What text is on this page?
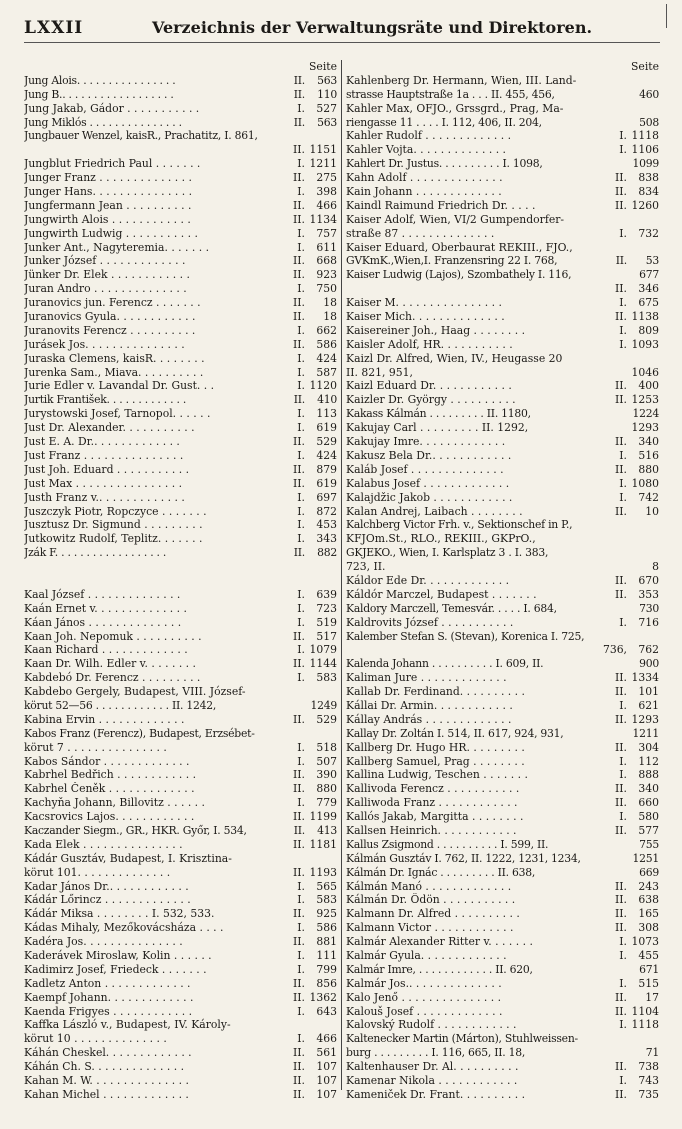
LXXII	Verzeichnis der Verwaltungsräte und Direktoren.
Seite
Jung Alois. . . . . . . . . . . . . . . .	II.	563
Jung B.. . . . . . . . . . . . . . . . . .	II.	110
Jung Jakab, Gádor . . . . . . . . . . .	I.	527
Jung Miklós . . . . . . . . . . . . . . .	II.	563
Jungbauer Wenzel, kaisR., Prachatitz, I. 861,
II. 1151
Jungblut Friedrich Paul . . . . . . .	I. 1211
Junger Franz . . . . . . . . . . . . . .	II.	275
Junger Hans. . . . . . . . . . . . . . .	I.	398
Jungfermann Jean . . . . . . . . . .	II.	466
Jungwirth Alois . . . . . . . . . . . .	II. 1134
Jungwirth Ludwig . . . . . . . . . . .	I.	757
Junker Ant., Nagyteremia. . . . . . .	I.	611
Junker József . . . . . . . . . . . . .	II.	668
Jünker Dr. Elek . . . . . . . . . . . .	II.	923
Juran Andro . . . . . . . . . . . . . .	I.	750
Juranovics jun. Ferencz . . . . . . .	II.	18
Juranovics Gyula. . . . . . . . . . . .	II.	18
Juranovits Ferencz . . . . . . . . . .	I.	662
Jurásek Jos. . . . . . . . . . . . . . .	II.	586
Juraska Clemens, kaisR. . . . . . . .	I.	424
Jurenka Sam., Miava. . . . . . . . . .	I.	587
Jurie Edler v. Lavandal Dr. Gust. . .	I. 1120
Jurtik František. . . . . . . . . . . . .	II.	410
Jurystowski Josef, Tarnopol. . . . . .	I.	113
Just Dr. Alexander. . . . . . . . . . .	I.	619
Just E. A. Dr.. . . . . . . . . . . . .	II.	529
Just Franz . . . . . . . . . . . . . . .	I.	424
Just Joh. Eduard . . . . . . . . . . .	II.	879
Just Max . . . . . . . . . . . . . . . .	II.	619
Justh Franz v.. . . . . . . . . . . . .	I.	697
Juszczyk Piotr, Ropczyce . . . . . . .	I.	872
Jusztusz Dr. Sigmund . . . . . . . . .	I.	453
Jutkowitz Rudolf, Teplitz. . . . . . .	I.	343
Jzák F. . . . . . . . . . . . . . . . . .	II.	882
Kaal József . . . . . . . . . . . . . .	I.	639
Kaán Ernet v. . . . . . . . . . . . . .	I.	723
Káan János . . . . . . . . . . . . . .	I.	519
Kaan Joh. Nepomuk . . . . . . . . . .	II.	517
Kaan Richard . . . . . . . . . . . . .	I. 1079
Kaan Dr. Wilh. Edler v. . . . . . . .	II. 1144
Kabdebó Dr. Ferencz . . . . . . . . .	I.	583
Kabdebo Gergely, Budapest, VIII. József-
körut 52—56 . . . . . . . . . . . . II. 1242,	1249
Kabina Ervin . . . . . . . . . . . . .	II.	529
Kabos Franz (Ferencz), Budapest, Erzsébet-
körut 7 . . . . . . . . . . . . . . .	I.	518
Kabos Sándor . . . . . . . . . . . . .	I.	507
Kabrhel Bedřich . . . . . . . . . . . .	II.	390
Kabrhel Čeněk . . . . . . . . . . . . .	II.	880
Kachyňa Johann, Billovitz . . . . . .	I.	779
Kacsrovics Lajos. . . . . . . . . . . .	II. 1199
Kaczander Siegm., GR., HKR. Győr, I. 534,	II.	413
Kada Elek . . . . . . . . . . . . . . .	II. 1181
Kádár Gusztáv, Budapest, I. Krisztina-
körut 101. . . . . . . . . . . . . .	II. 1193
Kadar János Dr.. . . . . . . . . . . .	I.	565
Kádár Lőrincz . . . . . . . . . . . . .	I.	583
Kádár Miksa . . . . . . . . I. 532, 533.	II.	925
Kádas Mihaly, Mezőkovácsháza . . . .	I.	586
Kadéra Jos. . . . . . . . . . . . . . .	II.	881
Kaderávek Miroslaw, Kolin . . . . . .	I.	111
Kadimirz Josef, Friedeck . . . . . . .	I.	799
Kadletz Anton . . . . . . . . . . . . .	II.	856
Kaempf Johann. . . . . . . . . . . . .	II. 1362
Kaenda Frigyes . . . . . . . . . . . .	I.	643
Kaffka László v., Budapest, IV. Károly-
körut 10 . . . . . . . . . . . . . .	I.	466
Káhán Cheskel. . . . . . . . . . . . .	II.	561
Káhán Ch. S. . . . . . . . . . . . . .	II.	107
Kahan M. W. . . . . . . . . . . . . . .	II.	107
Kahan Michel . . . . . . . . . . . . .	II.	107
Seite
Kahlenberg Dr. Hermann, Wien, III. Land-
strasse Hauptstraße 1a . . . II. 455, 456,	460
Kahler Max, OFJO., Grssgrd., Prag, Ma-
riengasse 11 . . . . I. 112, 406, II. 204,	508
Kahler Rudolf . . . . . . . . . . . . .	I. 1118
Kahler Vojta. . . . . . . . . . . . . .	I. 1106
Kahlert Dr. Justus. . . . . . . . . . I. 1098,	1099
Kahn Adolf . . . . . . . . . . . . . .	II.	838
Kain Johann . . . . . . . . . . . . .	II.	834
Kaindl Raimund Friedrich Dr. . . . .	II. 1260
Kaiser Adolf, Wien, VI/2 Gumpendorfer-
straße 87 . . . . . . . . . . . . . .	I.	732
Kaiser Eduard, Oberbaurat REKIII., FJO.,
GVKmK.,Wien,I. Franzensring 22 I. 768,	II.	53
Kaiser Ludwig (Lajos), Szombathely I. 116,	677
II.	346
Kaiser M. . . . . . . . . . . . . . . .	I.	675
Kaiser Mich. . . . . . . . . . . . . .	II. 1138
Kaisereiner Joh., Haag . . . . . . . .	I.	809
Kaisler Adolf, HR. . . . . . . . . . .	I. 1093
Kaizl Dr. Alfred, Wien, IV., Heugasse 20
II. 821, 951,	1046
Kaizl Eduard Dr. . . . . . . . . . . .	II.	400
Kaizler Dr. György . . . . . . . . . .	II. 1253
Kakass Kálmán . . . . . . . . . II. 1180,	1224
Kakujay Carl . . . . . . . . . II. 1292,	1293
Kakujay Imre. . . . . . . . . . . . .	II.	340
Kakusz Bela Dr.. . . . . . . . . . . .	I.	516
Kaláb Josef . . . . . . . . . . . . . .	II.	880
Kalabus Josef . . . . . . . . . . . . .	I. 1080
Kalajdžic Jakob . . . . . . . . . . . .	I.	742
Kalan Andrej, Laibach . . . . . . . .	II.	10
Kalchberg Victor Frh. v., Sektionschef in P.,
KFJOm.St., RLO., REKIII., GKPrO.,
GKJEKO., Wien, I. Karlsplatz 3 . I. 383,
723, II.	8
Káldor Ede Dr. . . . . . . . . . . . .	II.	670
Káldór Marczel, Budapest . . . . . . .	II.	353
Kaldory Marczell, Temesvár. . . . . I. 684,	730
Kaldrovits József . . . . . . . . . . .	I.	716
Kalember Stefan S. (Stevan), Korenica I. 725,
736,	762
Kalenda Johann . . . . . . . . . . I. 609, II.	900
Kaliman Jure . . . . . . . . . . . . .	II. 1334
Kallab Dr. Ferdinand. . . . . . . . . .	II.	101
Kállai Dr. Armin. . . . . . . . . . . .	I.	621
Kállay András . . . . . . . . . . . . .	II. 1293
Kallay Dr. Zoltán I. 514, II. 617, 924, 931,	1211
Kallberg Dr. Hugo HR. . . . . . . . .	II.	304
Kallberg Samuel, Prag . . . . . . . .	I.	112
Kallina Ludwig, Teschen . . . . . . .	I.	888
Kallivoda Ferencz . . . . . . . . . . .	II.	340
Kalliwoda Franz . . . . . . . . . . . .	II.	660
Kallós Jakab, Margitta . . . . . . . .	I.	580
Kallsen Heinrich. . . . . . . . . . . .	II.	577
Kallus Zsigmond . . . . . . . . . . I. 599, II.	755
Kálmán Gusztáv I. 762, II. 1222, 1231, 1234,	1251
Kálmán Dr. Ignác . . . . . . . . . II. 638,	669
Kálmán Manó . . . . . . . . . . . . .	II.	243
Kálmán Dr. Ödön . . . . . . . . . . .	II.	638
Kalmann Dr. Alfred . . . . . . . . . .	II.	165
Kalmann Victor . . . . . . . . . . . .	II.	308
Kalmár Alexander Ritter v. . . . . . .	I. 1073
Kalmár Gyula. . . . . . . . . . . . .	I.	455
Kalmár Imre, . . . . . . . . . . . . II. 620,	671
Kalmár Jos.. . . . . . . . . . . . . .	I.	515
Kalo Jenő . . . . . . . . . . . . . . .	II.	17
Kalouš Josef . . . . . . . . . . . . .	II. 1104
Kalovský Rudolf . . . . . . . . . . . .	I. 1118
Kaltenecker Martin (Márton), Stuhlweissen-
burg . . . . . . . . . I. 116, 665, II. 18,	71
Kaltenhauser Dr. Al. . . . . . . . . .	II.	738
Kamenar Nikola . . . . . . . . . . . .	I.	743
Kameniček Dr. Frant. . . . . . . . . .	II.	735
